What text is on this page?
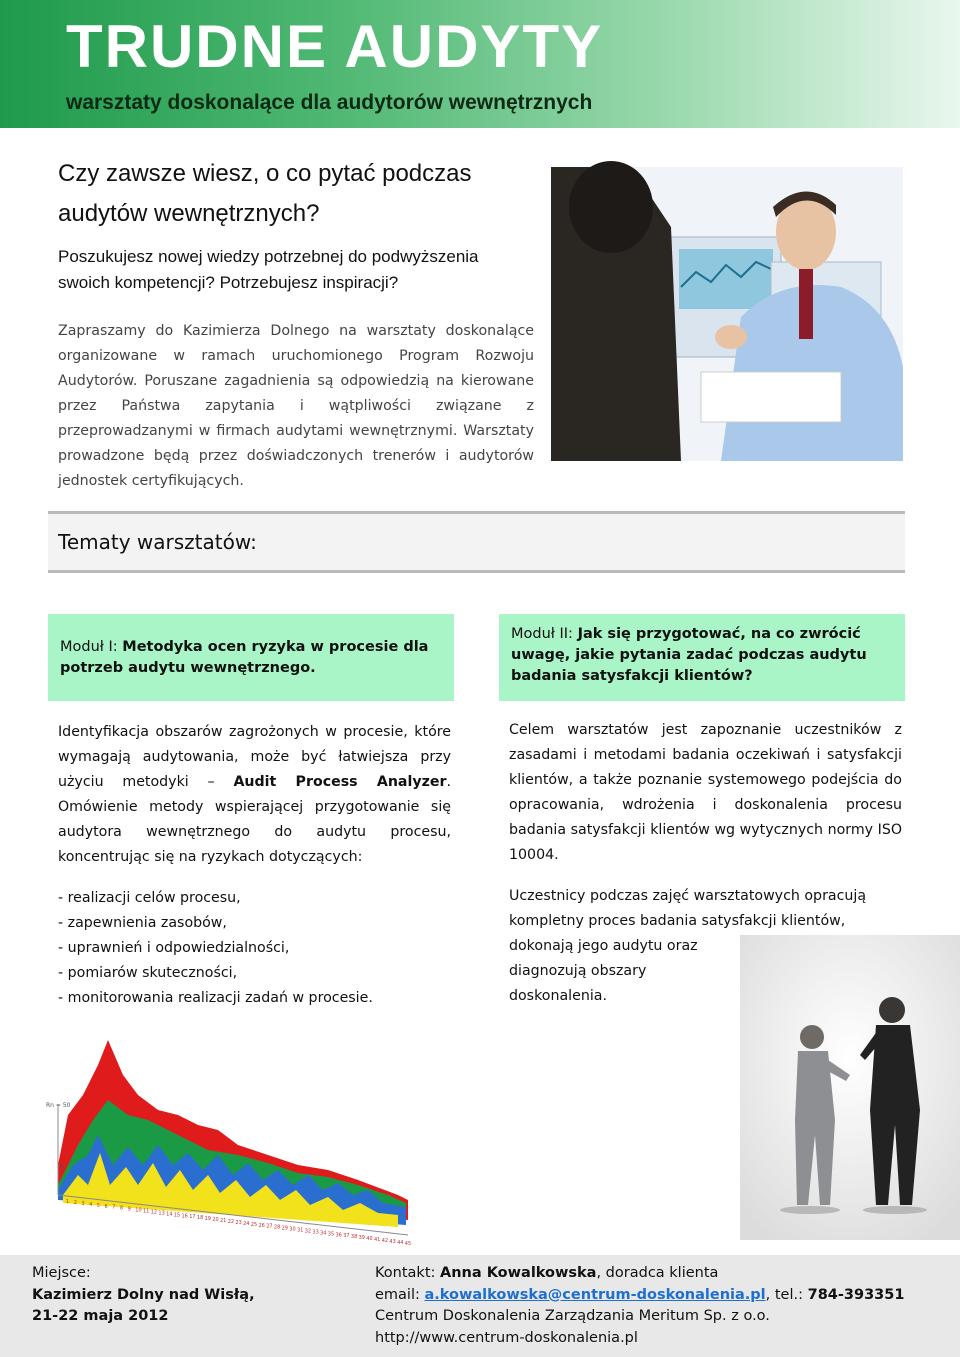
TRUDNE AUDYTY
warsztaty doskonalące dla audytorów wewnętrznych
Czy zawsze wiesz, o co pytać podczas
audytów wewnętrznych?
Poszukujesz nowej wiedzy potrzebnej do podwyższenia
swoich kompetencji? Potrzebujesz inspiracji?

Zapraszamy do Kazimierza Dolnego na warsztaty doskonalące organizowane w ramach uruchomionego Program Rozwoju Audytorów. Poruszane zagadnienia są odpowiedzią na kierowane przez Państwa zapytania i wątpliwości związane z przeprowadzanymi w firmach audytami wewnętrznymi. Warsztaty prowadzone będą przez doświadczonych trenerów i audytorów jednostek certyfikujących.

Tematy warsztatów:
Moduł I: Metodyka ocen ryzyka w procesie dla potrzeb audytu wewnętrznego.
Moduł II: Jak się przygotować, na co zwrócić uwagę, jakie pytania zadać podczas audytu badania satysfakcji klientów?

Identyfikacja obszarów zagrożonych w procesie, które wymagają audytowania, może być łatwiejsza przy użyciu metodyki – Audit Process Analyzer. Omówienie metody wspierającej przygotowanie się audytora wewnętrznego do audytu procesu, koncentrując się na ryzykach dotyczących:

- realizacji celów procesu,

- zapewnienia zasobów,

- uprawnień i odpowiedzialności,

- pomiarów skuteczności,

- monitorowania realizacji zadań w procesie.

Celem warsztatów jest zapoznanie uczestników z zasadami i metodami badania oczekiwań i satysfakcji klientów, a także poznanie systemowego podejścia do opracowania, wdrożenia i doskonalenia procesu badania satysfakcji klientów wg wytycznych normy ISO 10004.

Uczestnicy podczas zajęć warsztatowych opracują

kompletny proces badania satysfakcji klientów,

dokonają jego audytu oraz

diagnozują obszary

doskonalenia.

Rn = 50
0
1 2 3 4 5 6 7 8 9 10 11 12 13 14 15 16 17 18 19 20 21 22 23 24 25 26 27 28 29 30 31 32 33 34 35 36 37 38 39 40 41 42 43 44 45
Miejsce:
Kazimierz Dolny nad Wisłą,
21-22 maja 2012
Kontakt: Anna Kowalkowska, doradca klienta
email: a.kowalkowska@centrum-doskonalenia.pl, tel.: 784-393351
Centrum Doskonalenia Zarządzania Meritum Sp. z o.o.
http://www.centrum-doskonalenia.pl
